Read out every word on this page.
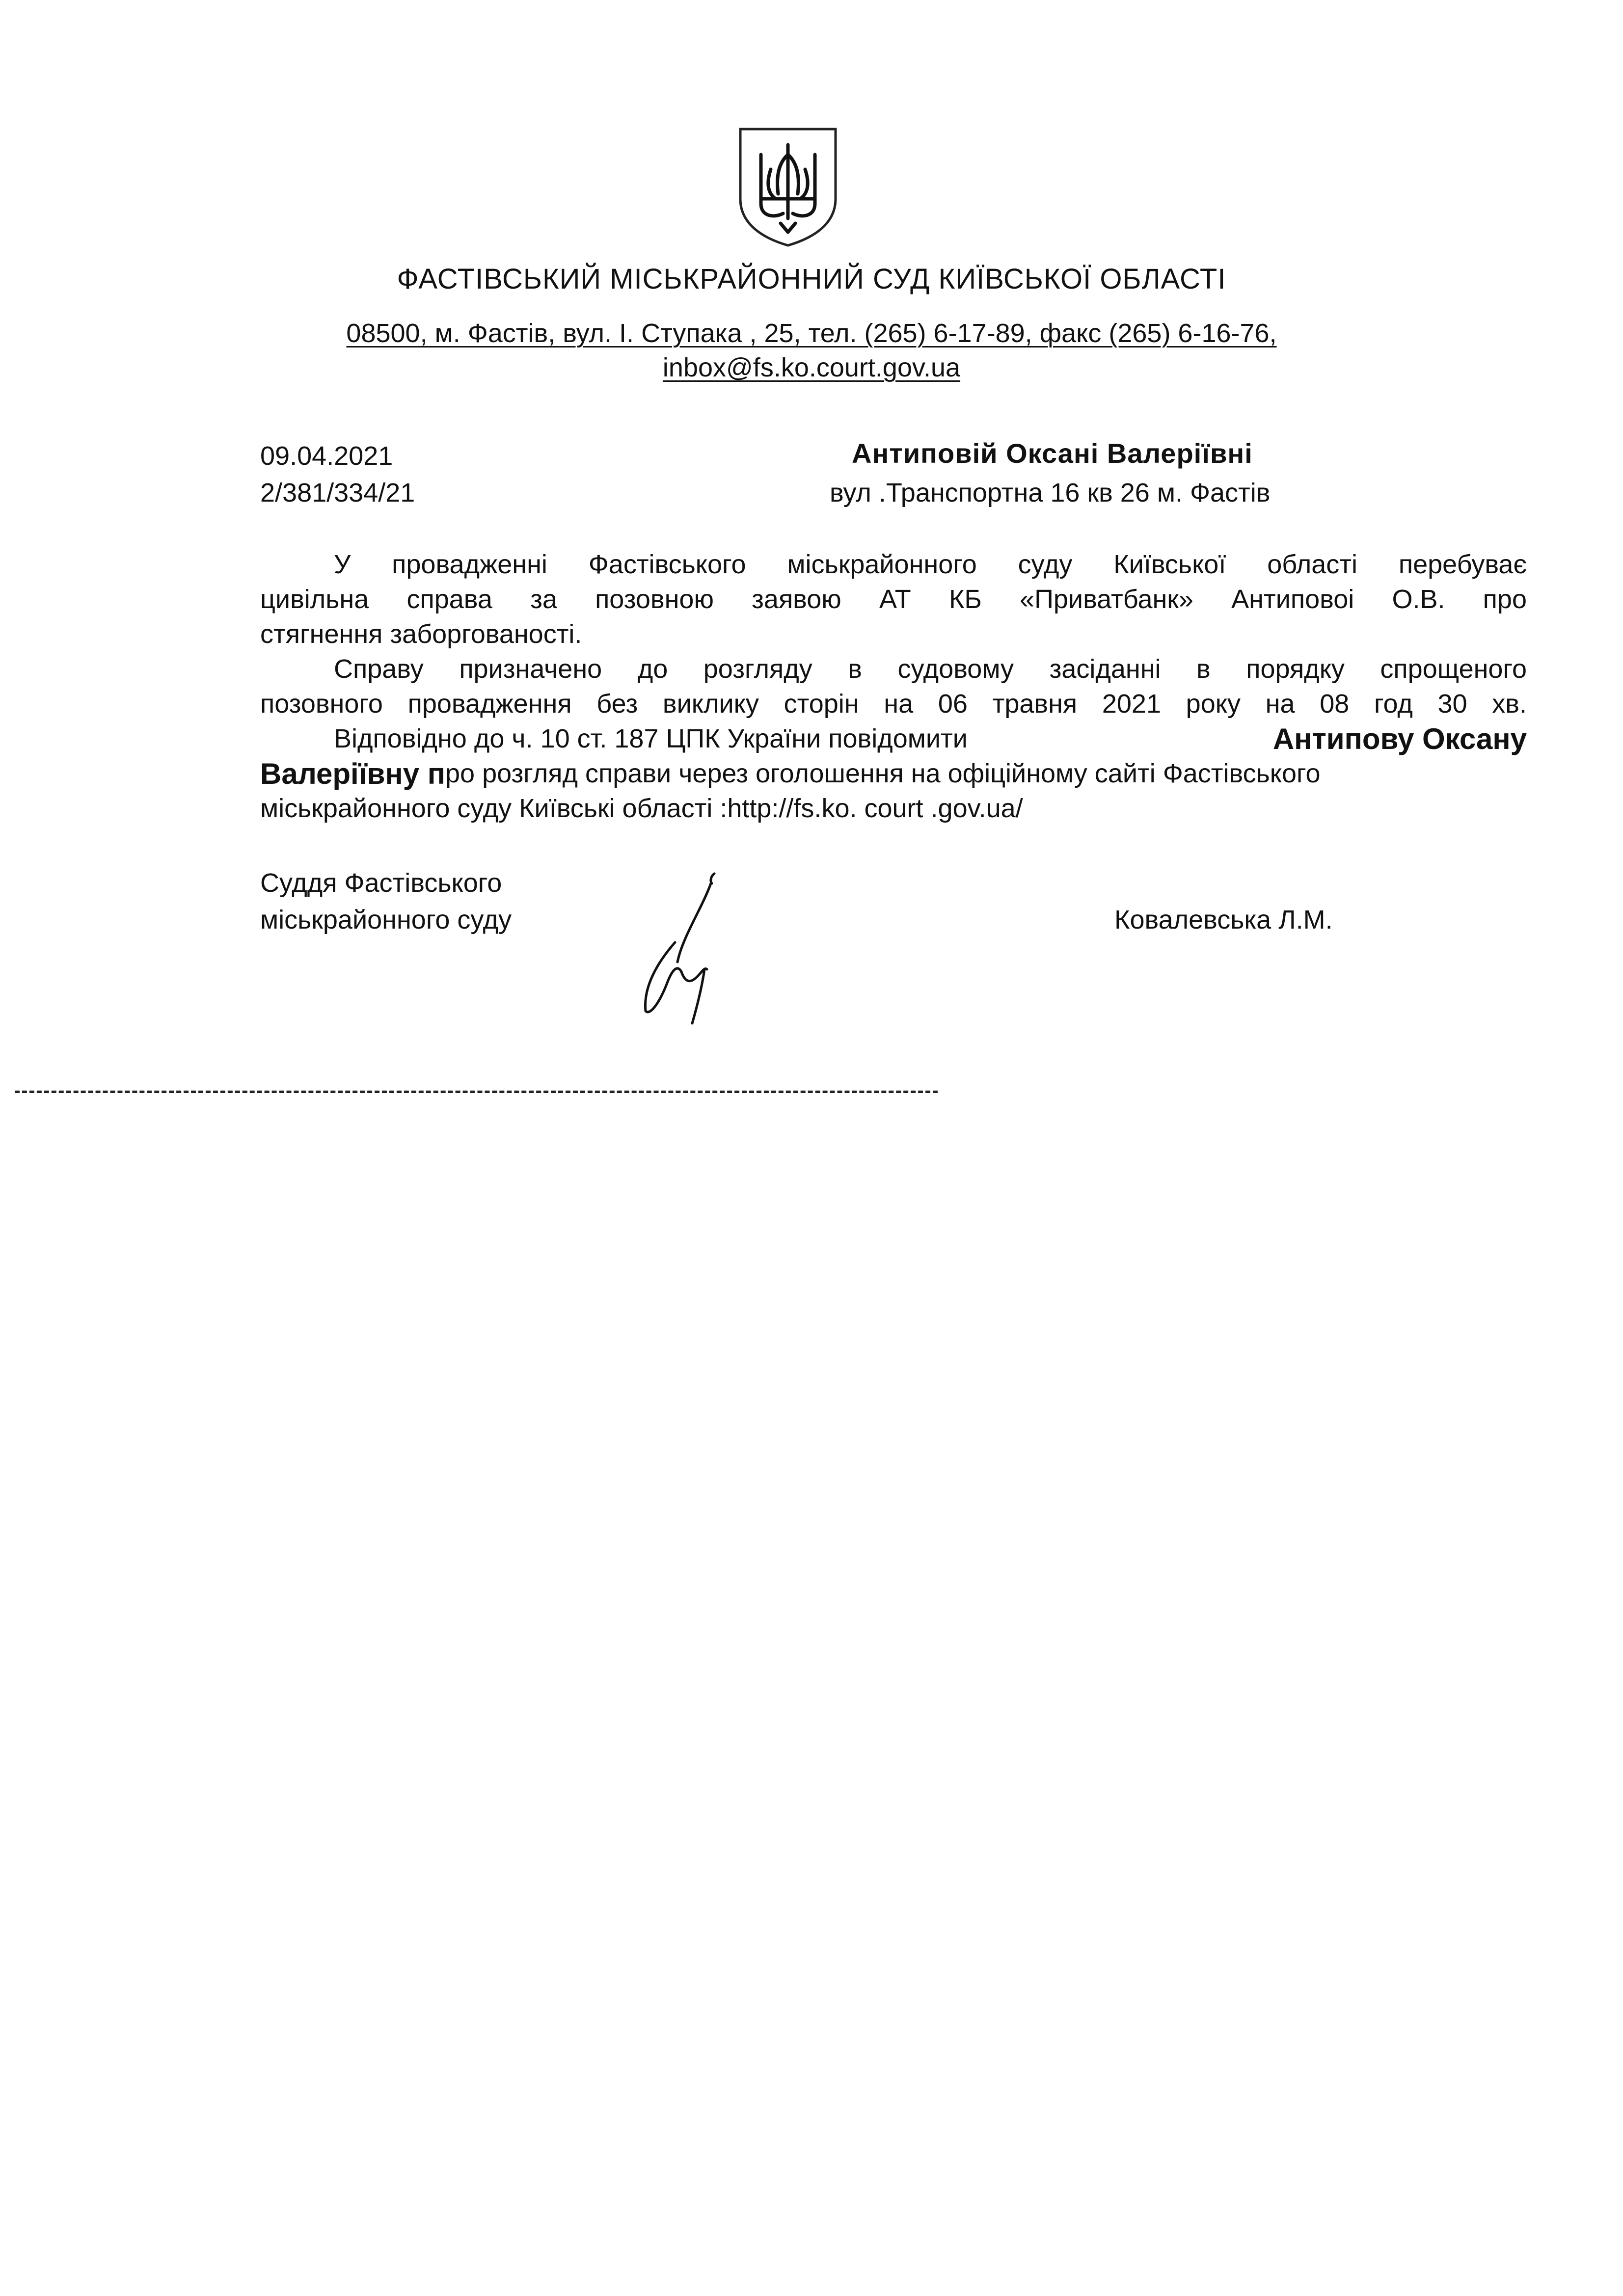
ФАСТІВСЬКИЙ МІСЬКРАЙОННИЙ СУД КИЇВСЬКОЇ ОБЛАСТІ
08500, м. Фастів, вул. І. Ступака , 25, тел. (265) 6-17-89, факс (265) 6-16-76,
inbox@fs.ko.court.gov.ua
09.04.2021
2/381/334/21
Антиповій Оксані Валеріївні
вул .Транспортна 16 кв 26 м. Фастів
У провадженні Фастівського міськрайонного суду Київської області перебуває
цивільна справа за позовною заявою АТ КБ «Приватбанк» Антиповоі О.В. про
стягнення заборгованості.
Справу призначено до розгляду в судовому засіданні в порядку спрощеного
позовного провадження без виклику сторін на 06 травня 2021 року на 08 год 30 хв.
Відповідно до ч. 10 ст. 187 ЦПК України повідомити	Антипову Оксану
Валеріївну п ро розгляд справи через оголошення на офіційному сайті Фастівського
міськрайонного суду Київські області :http://fs.ko. court .gov.ua/
Суддя Фастівського
міськрайонного суду	Ковалевська Л.М.
